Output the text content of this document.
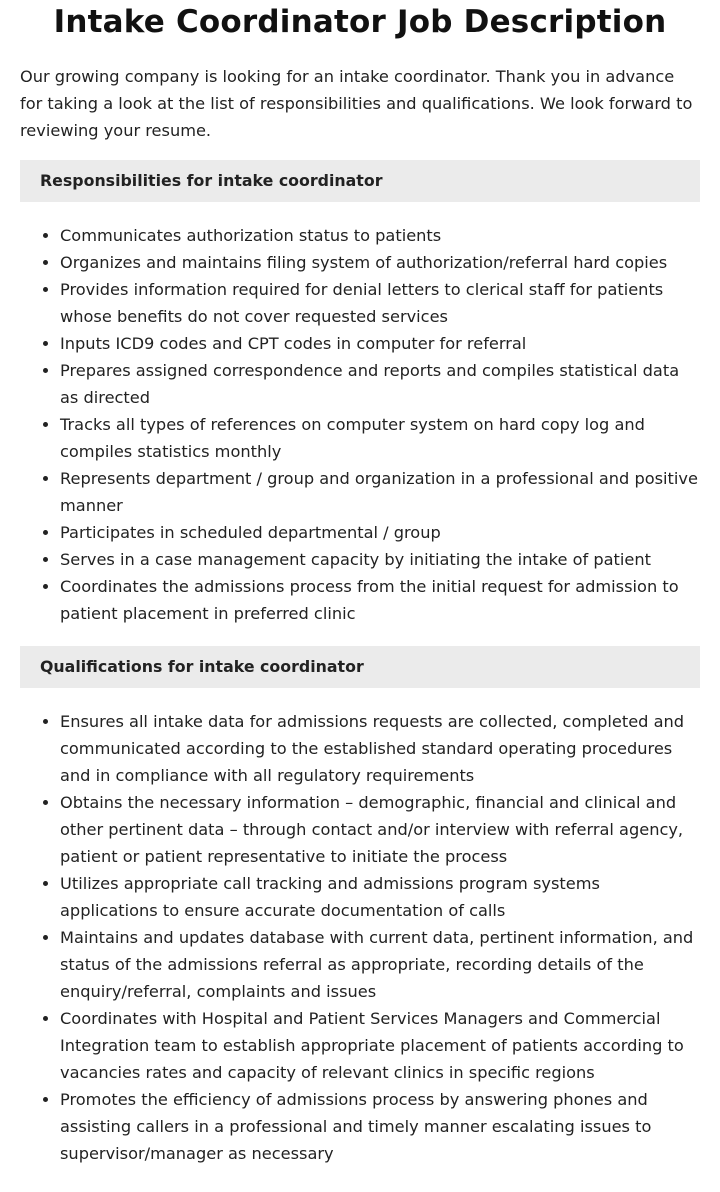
Intake Coordinator Job Description

Our growing company is looking for an intake coordinator. Thank you in advance for taking a look at the list of responsibilities and qualifications. We look forward to reviewing your resume.

Responsibilities for intake coordinator
• Communicates authorization status to patients
• Organizes and maintains filing system of authorization/referral hard copies
• Provides information required for denial letters to clerical staff for patients whose benefits do not cover requested services
• Inputs ICD9 codes and CPT codes in computer for referral
• Prepares assigned correspondence and reports and compiles statistical data as directed
• Tracks all types of references on computer system on hard copy log and compiles statistics monthly
• Represents department / group and organization in a professional and positive manner
• Participates in scheduled departmental / group
• Serves in a case management capacity by initiating the intake of patient
• Coordinates the admissions process from the initial request for admission to patient placement in preferred clinic
Qualifications for intake coordinator
• Ensures all intake data for admissions requests are collected, completed and communicated according to the established standard operating procedures and in compliance with all regulatory requirements
• Obtains the necessary information – demographic, financial and clinical and other pertinent data – through contact and/or interview with referral agency, patient or patient representative to initiate the process
• Utilizes appropriate call tracking and admissions program systems applications to ensure accurate documentation of calls
• Maintains and updates database with current data, pertinent information, and status of the admissions referral as appropriate, recording details of the enquiry/referral, complaints and issues
• Coordinates with Hospital and Patient Services Managers and Commercial Integration team to establish appropriate placement of patients according to vacancies rates and capacity of relevant clinics in specific regions
• Promotes the efficiency of admissions process by answering phones and assisting callers in a professional and timely manner escalating issues to supervisor/manager as necessary
